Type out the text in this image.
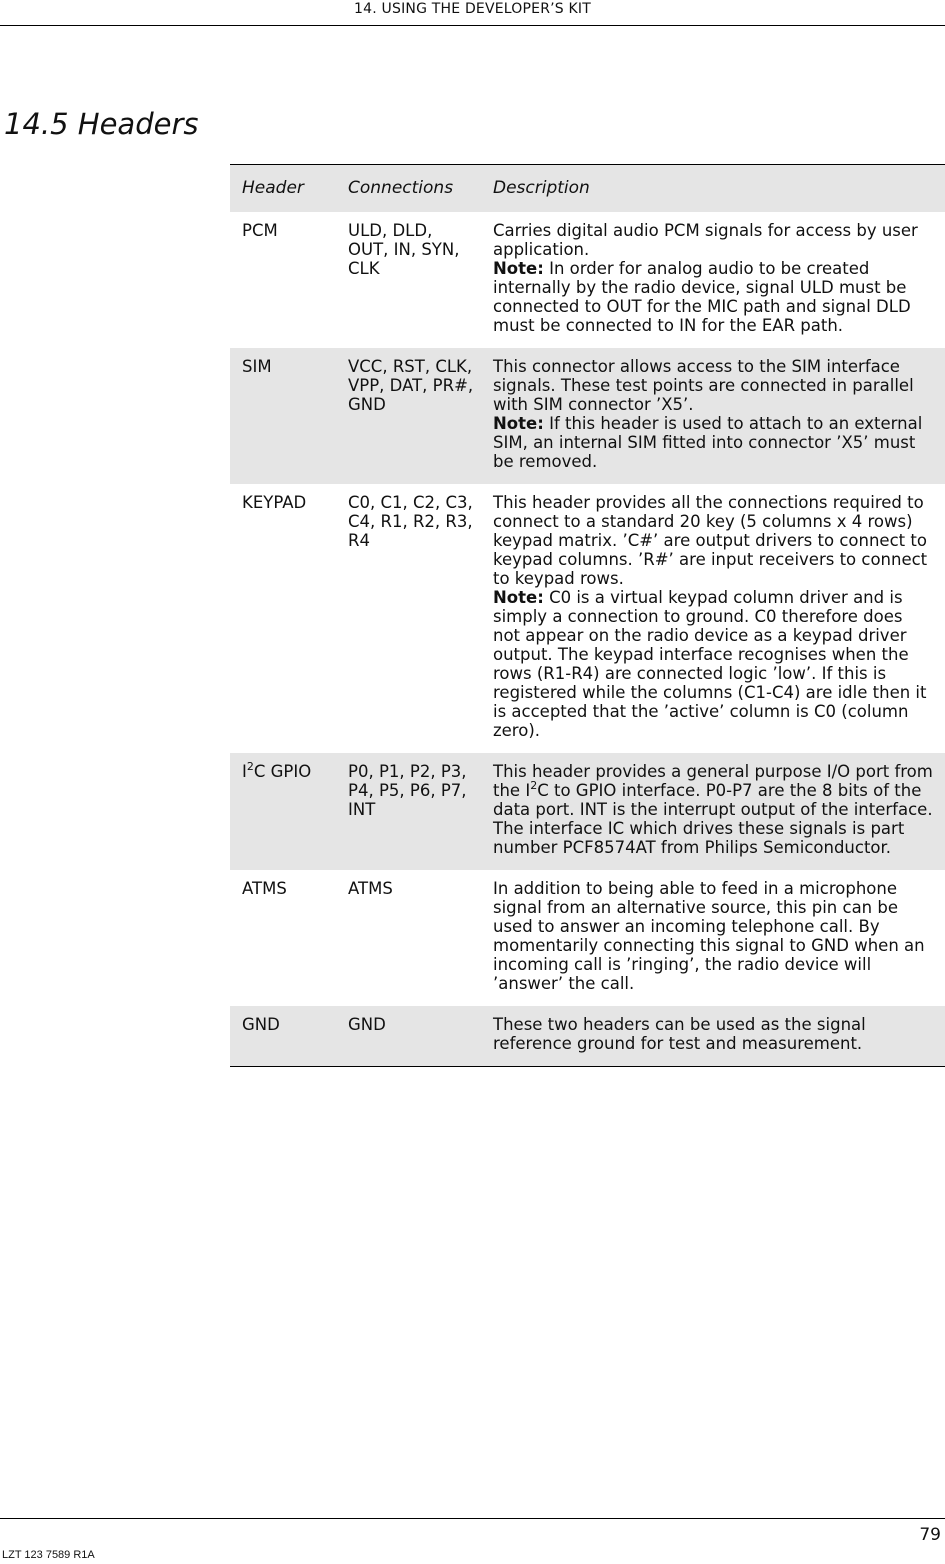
14. USING THE DEVELOPER’S KIT
14.5 Headers
Header	Connections	Description
PCM	ULD, DLD, OUT, IN, SYN, CLK	Carries digital audio PCM signals for access by user application.
Note: In order for analog audio to be created internally by the radio device, signal ULD must be connected to OUT for the MIC path and signal DLD must be connected to IN for the EAR path.
SIM	VCC, RST, CLK, VPP, DAT, PR#, GND	This connector allows access to the SIM interface signals. These test points are connected in parallel with SIM connector ’X5’.
Note: If this header is used to attach to an external SIM, an internal SIM fitted into connector ’X5’ must be removed.
KEYPAD	C0, C1, C2, C3, C4, R1, R2, R3, R4	This header provides all the connections required to connect to a standard 20 key (5 columns x 4 rows) keypad matrix. ’C#’ are output drivers to connect to keypad columns. ’R#’ are input receivers to connect to keypad rows.
Note: C0 is a virtual keypad column driver and is simply a connection to ground. C0 therefore does not appear on the radio device as a keypad driver output. The keypad interface recognises when the rows (R1-R4) are connected logic ’low’. If this is registered while the columns (C1-C4) are idle then it is accepted that the ’active’ column is C0 (column zero).
$I^2C$ GPIO	P0, P1, P2, P3, P4, P5, P6, P7, INT	This header provides a general purpose I/O port from the $I^2C$ to GPIO interface. P0-P7 are the 8 bits of the data port. INT is the interrupt output of the interface. The interface IC which drives these signals is part number PCF8574AT from Philips Semiconductor.
ATMS	ATMS	In addition to being able to feed in a microphone signal from an alternative source, this pin can be used to answer an incoming telephone call. By momentarily connecting this signal to GND when an incoming call is ’ringing’, the radio device will ’answer’ the call.
GND	GND	These two headers can be used as the signal reference ground for test and measurement.
79
LZT 123 7589 R1A
